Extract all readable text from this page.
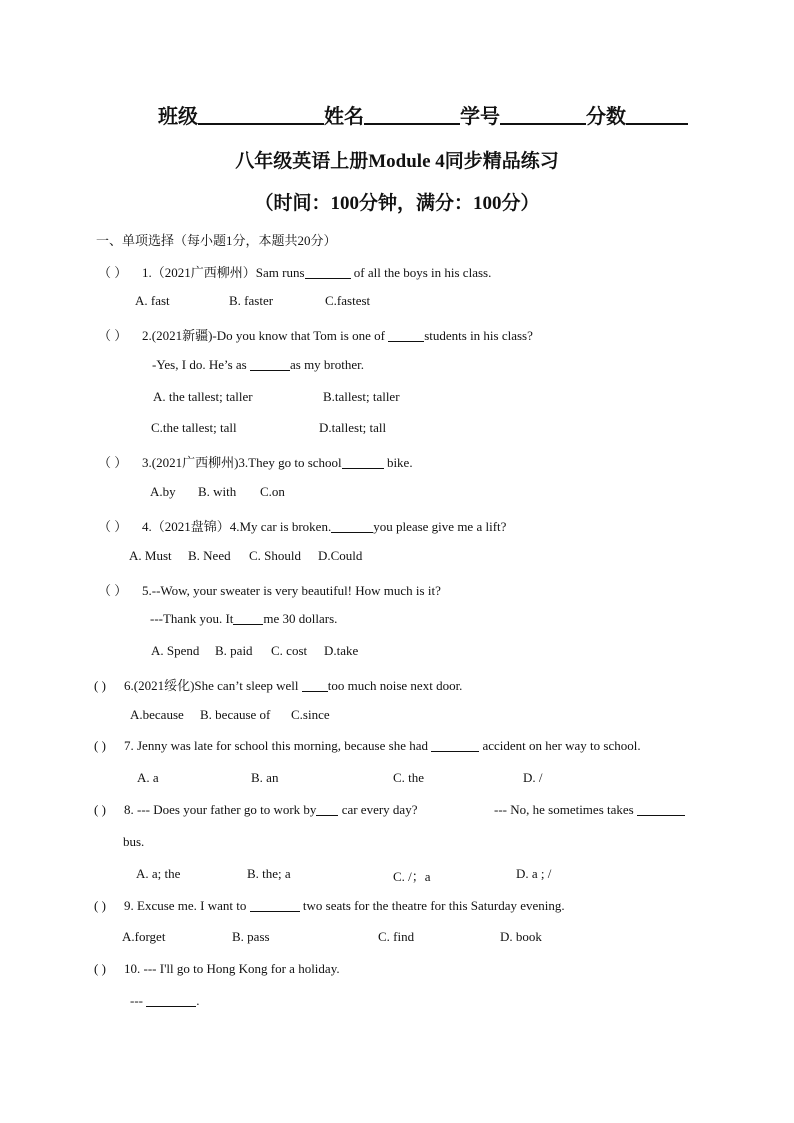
班级	姓名	学号	分数
八年级英语上册Module 4同步精品练习
（时间：100分钟，满分：100分）
一、单项选择（每小题1分，本题共20分）
（ ） 1.（2021广西柳州）Sam runs	of all the boys in his class.
A. fast	B. faster	C.fastest
（ ） 2.(2021新疆)-Do you know that Tom is one of	students in his class?
-Yes, I do. He’s as	as my brother.
A. the tallest; taller	B.tallest; taller
C.the tallest; tall	D.tallest; tall
（ ） 3.(2021广西柳州)3.They go to school	bike.
A.by B. with C.on
（ ） 4.（2021盘锦）4.My car is broken.	you please give me a lift?
A. Must B. Need C. Should D.Could
（ ） 5.--Wow, your sweater is very beautiful! How much is it?
---Thank you. It me 30 dollars.
A. Spend B. paid C. cost D.take
( ) 6.(2021绥化)She can’t sleep well too much noise next door.
A.because B. because of C.since
( ) 7. Jenny was late for school this morning, because she had	accident on her way to school.
A. a	B. an	C. the	D. /
( ) 8. --- Does your father go to work by car every day?	--- No, he sometimes takes
bus.
A. a; the	B. the; a	C. /；a	D. a ; /
( ) 9. Excuse me. I want to	two seats for the theatre for this Saturday evening.
A.forget	B. pass	C. find	D. book
( ) 10. --- I'll go to Hong Kong for a holiday.
---	.
